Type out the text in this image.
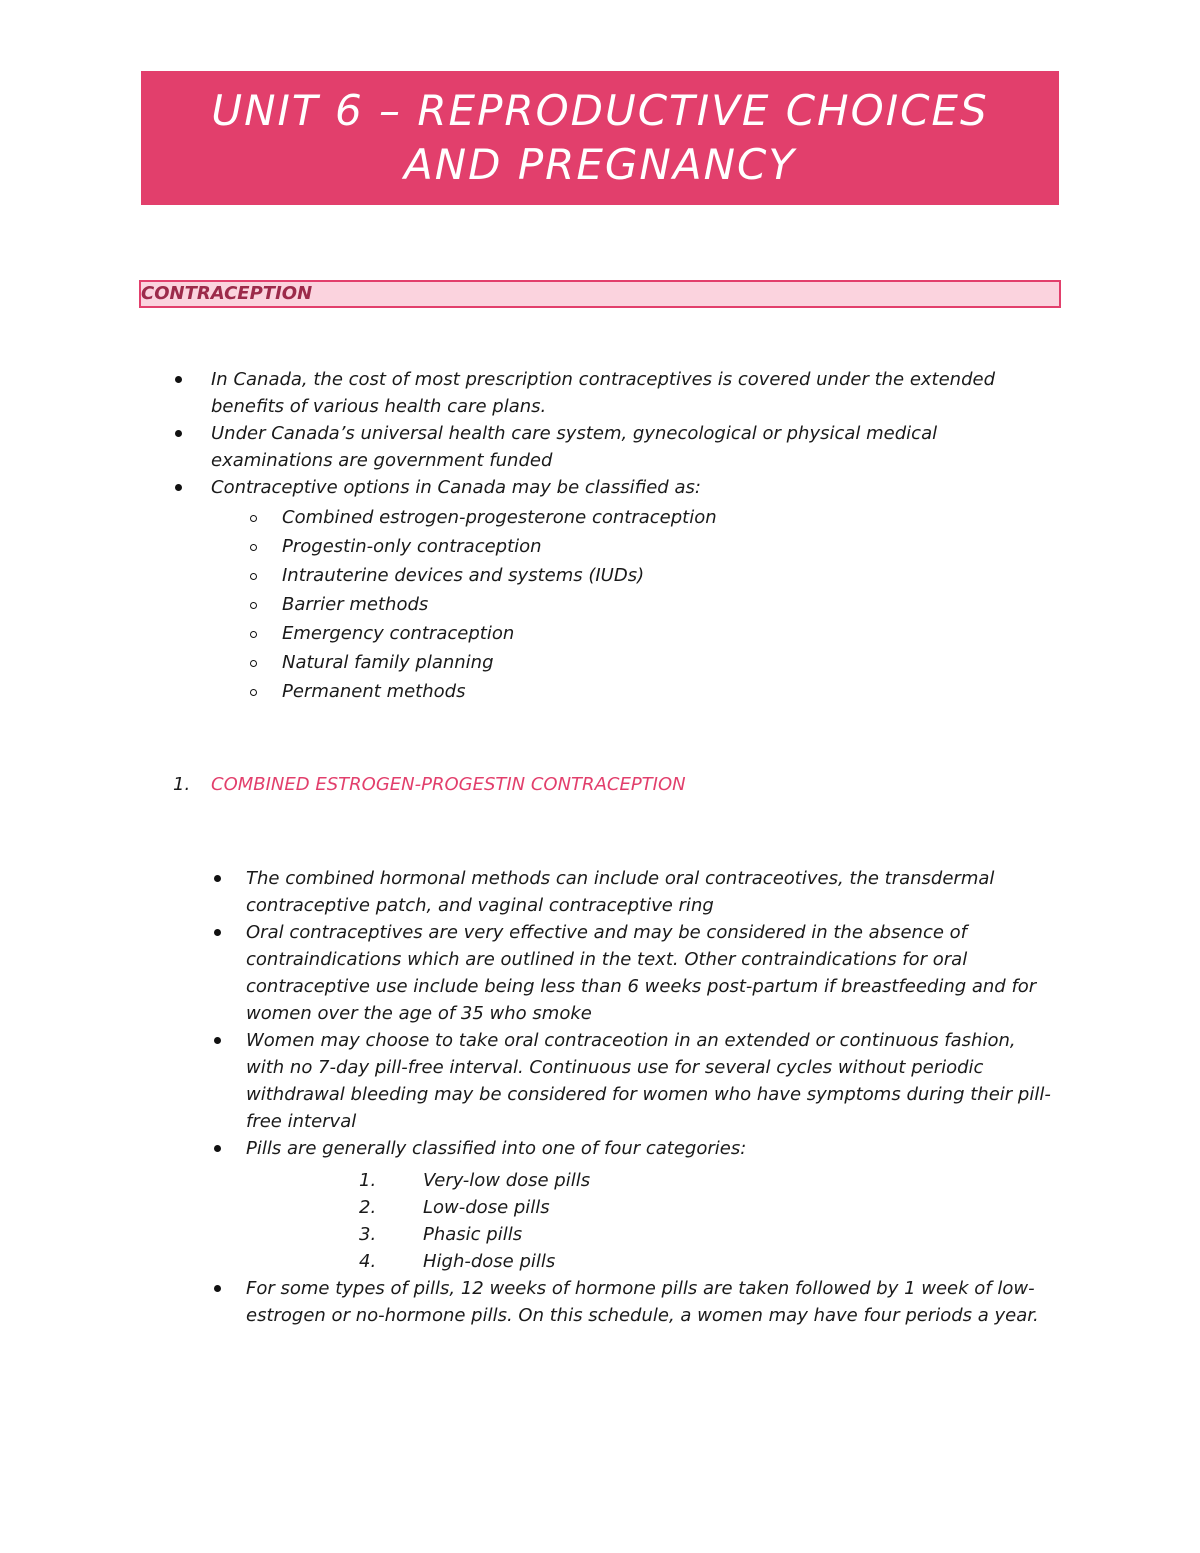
UNIT 6 – REPRODUCTIVE CHOICES
AND PREGNANCY
CONTRACEPTION
In Canada, the cost of most prescription contraceptives is covered under the extended benefits of various health care plans.
Under Canada’s universal health care system, gynecological or physical medical examinations are government funded
Contraceptive options in Canada may be classified as:
Combined estrogen-progesterone contraception
Progestin-only contraception
Intrauterine devices and systems (IUDs)
Barrier methods
Emergency contraception
Natural family planning
Permanent methods
1. COMBINED ESTROGEN-PROGESTIN CONTRACEPTION
The combined hormonal methods can include oral contraceotives, the transdermal contraceptive patch, and vaginal contraceptive ring
Oral contraceptives are very effective and may be considered in the absence of contraindications which are outlined in the text. Other contraindications for oral contraceptive use include being less than 6 weeks post-partum if breastfeeding and for women over the age of 35 who smoke
Women may choose to take oral contraceotion in an extended or continuous fashion, with no 7-day pill-free interval. Continuous use for several cycles without periodic withdrawal bleeding may be considered for women who have symptoms during their pill-free interval
Pills are generally classified into one of four categories:
1.	Very-low dose pills
2.	Low-dose pills
3.	Phasic pills
4.	High-dose pills
For some types of pills, 12 weeks of hormone pills are taken followed by 1 week of low-estrogen or no-hormone pills. On this schedule, a women may have four periods a year.
